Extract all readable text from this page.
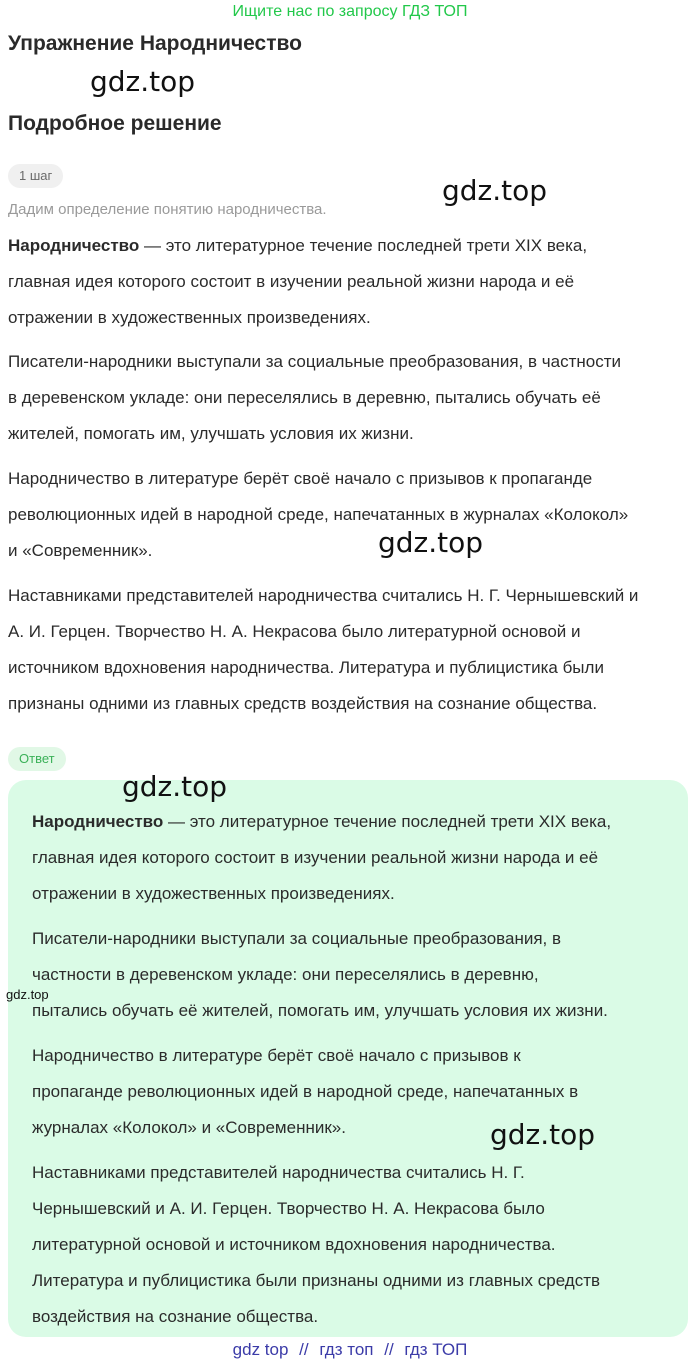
Ищите нас по запросу ГДЗ ТОП
Упражнение Народничество
gdz.top
Подробное решение
1 шаг	gdz.top
Дадим определение понятию народничества.
Народничество — это литературное течение последней трети XIX века,
главная идея которого состоит в изучении реальной жизни народа и её
отражении в художественных произведениях.
Писатели-народники выступали за социальные преобразования, в частности
в деревенском укладе: они переселялись в деревню, пытались обучать её
жителей, помогать им, улучшать условия их жизни.
Народничество в литературе берёт своё начало с призывов к пропаганде
революционных идей в народной среде, напечатанных в журналах «Колокол»
и «Современник».	gdz.top
Наставниками представителей народничества считались Н. Г. Чернышевский и
А. И. Герцен. Творчество Н. А. Некрасова было литературной основой и
источником вдохновения народничества. Литература и публицистика были
признаны одними из главных средств воздействия на сознание общества.
Ответ
gdz.top
Народничество — это литературное течение последней трети XIX века,
главная идея которого состоит в изучении реальной жизни народа и её
отражении в художественных произведениях.
Писатели-народники выступали за социальные преобразования, в
частности в деревенском укладе: они переселялись в деревню,
пытались обучать её жителей, помогать им, улучшать условия их жизни.
gdz.top
Народничество в литературе берёт своё начало с призывов к
пропаганде революционных идей в народной среде, напечатанных в
журналах «Колокол» и «Современник».	gdz.top
Наставниками представителей народничества считались Н. Г.
Чернышевский и А. И. Герцен. Творчество Н. А. Некрасова было
литературной основой и источником вдохновения народничества.
Литература и публицистика были признаны одними из главных средств
воздействия на сознание общества.
gdz top // гдз топ // гдз ТОП
